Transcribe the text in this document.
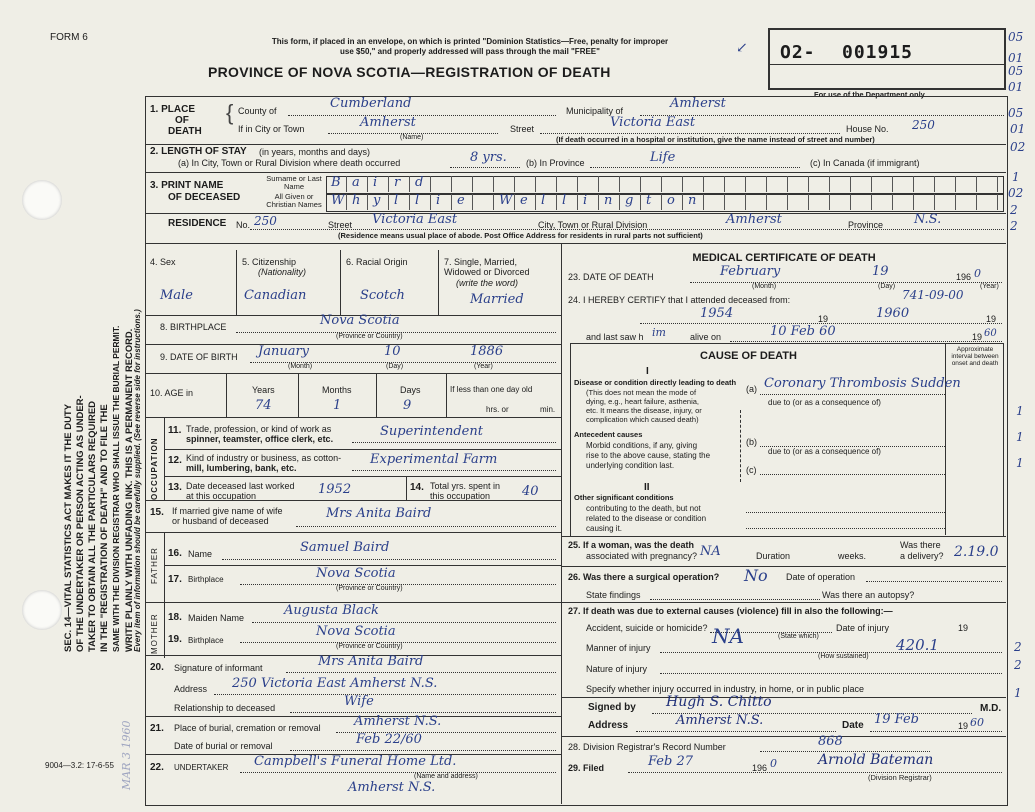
FORM 6
SEC. 14—VITAL STATISTICS ACT MAKES IT THE DUTY OF THE UNDERTAKER OR PERSON ACTING AS UNDER- TAKER TO OBTAIN ALL THE PARTICULARS REQUIRED IN THE "REGISTRATION OF DEATH" AND TO FILE THE SAME WITH THE DIVISION REGISTRAR WHO SHALL ISSUE THE BURIAL PERMIT. WRITE PLAINLY WITH UNFADING INK. THIS IS A PERMANENT RECORD. Every item of information should be carefully supplied. (See reverse side for instructions.)
MAR 3 1960
9004—3.2: 17-6-55
This form, if placed in an envelope, on which is printed "Dominion Statistics—Free, penalty for improper
use $50," and properly addressed will pass through the mail "FREE"
PROVINCE OF NOVA SCOTIA—REGISTRATION OF DEATH
O2- 001915
For use of the Department only
↙
05
01
05
01
05
01
02
1
02
2
2
1. PLACE
OF
DEATH
{ County of	Cumberland	Municipality of	Amherst
If in City or Town	Amherst
(Name)
Street	Victoria East	House No. 250
(If death occurred in a hospital or institution, give the name instead of street and number)
2. LENGTH OF STAY (in years, months and days)
(a) In City, Town or Rural Division where death occurred	8 yrs. (b) In Province	Life	(c) In Canada (if immigrant)
3. PRINT NAME
OF DECEASED
Surname or Last Name
All Given or Christian Names
B a i r d
W h y l l i e	W e l l i n g t o n
RESIDENCE No. 250	Street Victoria East	City, Town or Rural Division	Amherst	Province N.S.
(Residence means usual place of abode. Post Office Address for residents in rural parts not sufficient)
4. Sex
Male
5. Citizenship
(Nationality)
Canadian
6. Racial Origin
Scotch
7. Single, Married, Widowed or Divorced
(write the word)
Married
8. BIRTHPLACE	Nova Scotia
(Province or Country)
9. DATE OF BIRTH January	10	1886
(Month)	(Day)	(Year)
10. AGE in	Years	Months	Days
74	1	9
If less than one day old
hrs. or	min.
OCCUPATION
11. Trade, profession, or kind of work as
spinner, teamster, office clerk, etc.	Superintendent
12. Kind of industry or business, as cotton-
mill, lumbering, bank, etc.
Experimental Farm
13. Date deceased last worked
at this occupation	1952	14. Total yrs. spent in
this occupation 40
15. If married give name of wife
or husband of deceased	Mrs Anita Baird
FATHER 16. Name	Samuel Baird
17. Birthplace	Nova Scotia
(Province or Country)
MOTHER 18. Maiden Name	Augusta Black
Nova Scotia
19. Birthplace
(Province or Country)
20. Signature of informant	Mrs Anita Baird
Address 250 Victoria East Amherst N.S.
Relationship to deceased	Wife
21. Place of burial, cremation or removal	Amherst N.S.
Date of burial or removal	Feb 22/60
22. UNDERTAKER Campbell's Funeral Home Ltd.
(Name and address)
Amherst N.S.
MEDICAL CERTIFICATE OF DEATH
23. DATE OF DEATH	February	19	196 0
(Month)	(Day)	(Year)
24. I HEREBY CERTIFY that I attended deceased from:	741-09-00
1954	19	1960	19
and last saw h im	alive on	10 Feb 60	19 60
CAUSE OF DEATH
Approximate interval between onset and death
I
Disease or condition directly leading to death
(This does not mean the mode of
dying, e.g., heart failure, asthenia,
etc. It means the disease, injury, or
complication which caused death)
(a) Coronary Thrombosis Sudden
due to (or as a consequence of)
Antecedent causes
Morbid conditions, if any, giving
rise to the above cause, stating the
underlying condition last.
(b)
due to (or as a consequence of)
(c)
II
Other significant conditions
contributing to the death, but not
related to the disease or condition
causing it.
1
1
1
25. If a woman, was the death
associated with pregnancy? NA	Duration	weeks.
Was there
a delivery? 2.19.0
26. Was there a surgical operation? No Date of operation
State findings	Was there an autopsy?
27. If death was due to external causes (violence) fill in also the following:—
Accident, suicide or homicide?	Date of injury	19
NA
Manner of injury
(State which)	420.1
(How sustained)
Nature of injury
Specify whether injury occurred in industry, in home, or in public place
2
2
1
Signed by Hugh S. Chitto	M.D.
Address	Amherst N.S.	Date 19 Feb	19 60
28. Division Registrar's Record Number	868
29. Filed	Feb 27	196 0	Arnold Bateman
(Division Registrar)
